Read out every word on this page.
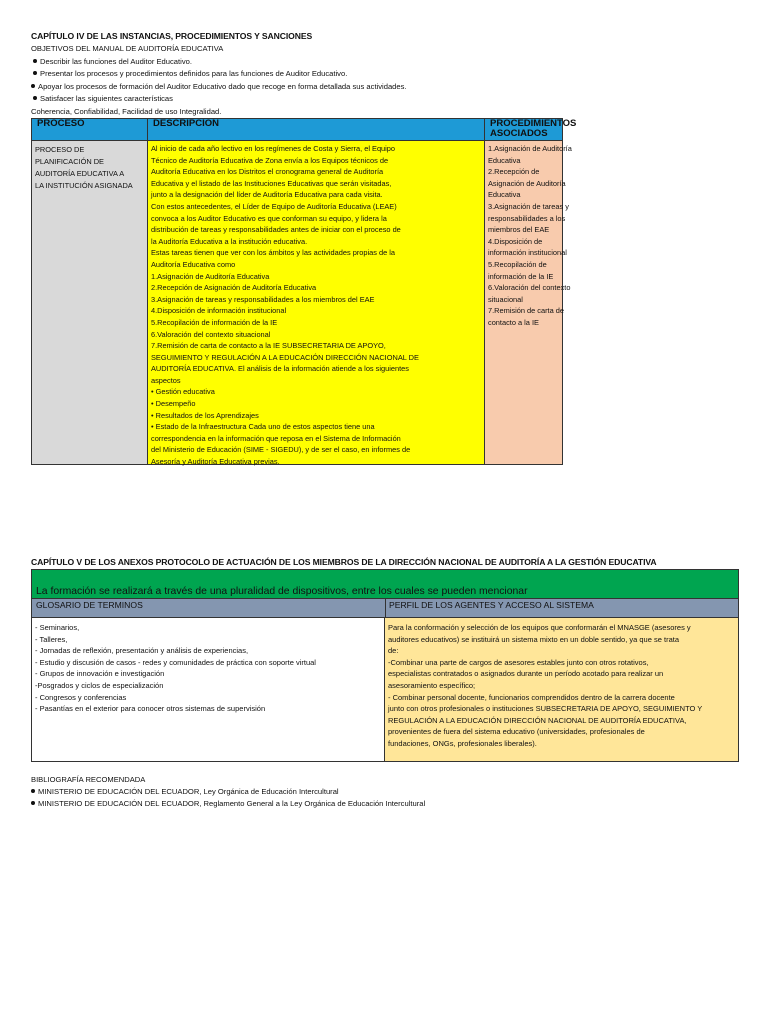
CAPÍTULO IV DE LAS INSTANCIAS, PROCEDIMIENTOS Y SANCIONES
OBJETIVOS DEL MANUAL DE AUDITORÍA EDUCATIVA
Describir las funciones del Auditor Educativo.
Presentar los procesos y procedimientos definidos para las funciones de Auditor Educativo.
Apoyar los procesos de formación del Auditor Educativo dado que recoge en forma detallada sus actividades.
Satisfacer las siguientes características
Coherencia, Confiabilidad, Facilidad de uso Integralidad.
PROCESO
PROCESO DE
PLANIFICACIÓN DE
AUDITORÍA EDUCATIVA A
LA INSTITUCIÓN ASIGNADA
DESCRIPCION
Al inicio de cada año lectivo en los regímenes de Costa y Sierra, el Equipo
Técnico de Auditoría Educativa de Zona envía a los Equipos técnicos de
Auditoría Educativa en los Distritos el cronograma general de Auditoría
Educativa y el listado de las Instituciones Educativas que serán visitadas,
junto a la designación del líder de Auditoría Educativa para cada visita.
Con estos antecedentes, el Líder de Equipo de Auditoría Educativa (LEAE)
convoca a los Auditor Educativo es que conforman su equipo, y lidera la
distribución de tareas y responsabilidades antes de iniciar con el proceso de
la Auditoría Educativa a la institución educativa.
Estas tareas tienen que ver con los ámbitos y las actividades propias de la
Auditoría Educativa como
1.Asignación de Auditoría Educativa
2.Recepción de Asignación de Auditoría Educativa
3.Asignación de tareas y responsabilidades a los miembros del EAE
4.Disposición de información institucional
5.Recopilación de información de la IE
6.Valoración del contexto situacional
7.Remisión de carta de contacto a la IE SUBSECRETARIA DE APOYO,
SEGUIMIENTO Y REGULACIÓN A LA EDUCACIÓN DIRECCIÓN NACIONAL DE
AUDITORÍA EDUCATIVA. El análisis de la información atiende a los siguientes
aspectos
• Gestión educativa
• Desempeño
• Resultados de los Aprendizajes
• Estado de la Infraestructura Cada uno de estos aspectos tiene una
correspondencia en la información que reposa en el Sistema de Información
del Ministerio de Educación (SIME - SIGEDU), y de ser el caso, en informes de
Asesoría y Auditoría Educativa previas.
PROCEDIMIENTOS
ASOCIADOS
1.Asignación de Auditoría
Educativa
2.Recepción de
Asignación de Auditoría
Educativa
3.Asignación de tareas y
responsabilidades a los
miembros del EAE
4.Disposición de
información institucional
5.Recopilación de
información de la IE
6.Valoración del contexto
situacional
7.Remisión de carta de
contacto a la IE
CAPÍTULO V DE LOS ANEXOS PROTOCOLO DE ACTUACIÓN DE LOS MIEMBROS DE LA DIRECCIÓN NACIONAL DE AUDITORÍA A LA GESTIÓN EDUCATIVA
La formación se realizará a través de una pluralidad de dispositivos, entre los cuales se pueden mencionar
GLOSARIO DE TERMINOS	PERFIL DE LOS AGENTES Y ACCESO AL SISTEMA
- Seminarios,
- Talleres,
- Jornadas de reflexión, presentación y análisis de experiencias,
- Estudio y discusión de casos - redes y comunidades de práctica con soporte virtual
- Grupos de innovación e investigación
-Posgrados y ciclos de especialización
- Congresos y conferencias
- Pasantías en el exterior para conocer otros sistemas de supervisión
Para la conformación y selección de los equipos que conformarán el MNASGE (asesores y
auditores educativos) se instituirá un sistema mixto en un doble sentido, ya que se trata
de:
-Combinar una parte de cargos de asesores estables junto con otros rotativos,
especialistas contratados o asignados durante un período acotado para realizar un
asesoramiento específico;
- Combinar personal docente, funcionarios comprendidos dentro de la carrera docente
junto con otros profesionales o instituciones SUBSECRETARIA DE APOYO, SEGUIMIENTO Y
REGULACIÓN A LA EDUCACIÓN DIRECCIÓN NACIONAL DE AUDITORÍA EDUCATIVA,
provenientes de fuera del sistema educativo (universidades, profesionales de
fundaciones, ONGs, profesionales liberales).
BIBLIOGRAFÍA RECOMENDADA
MINISTERIO DE EDUCACIÓN DEL ECUADOR, Ley Orgánica de Educación Intercultural
MINISTERIO DE EDUCACIÓN DEL ECUADOR, Reglamento General a la Ley Orgánica de Educación Intercultural
